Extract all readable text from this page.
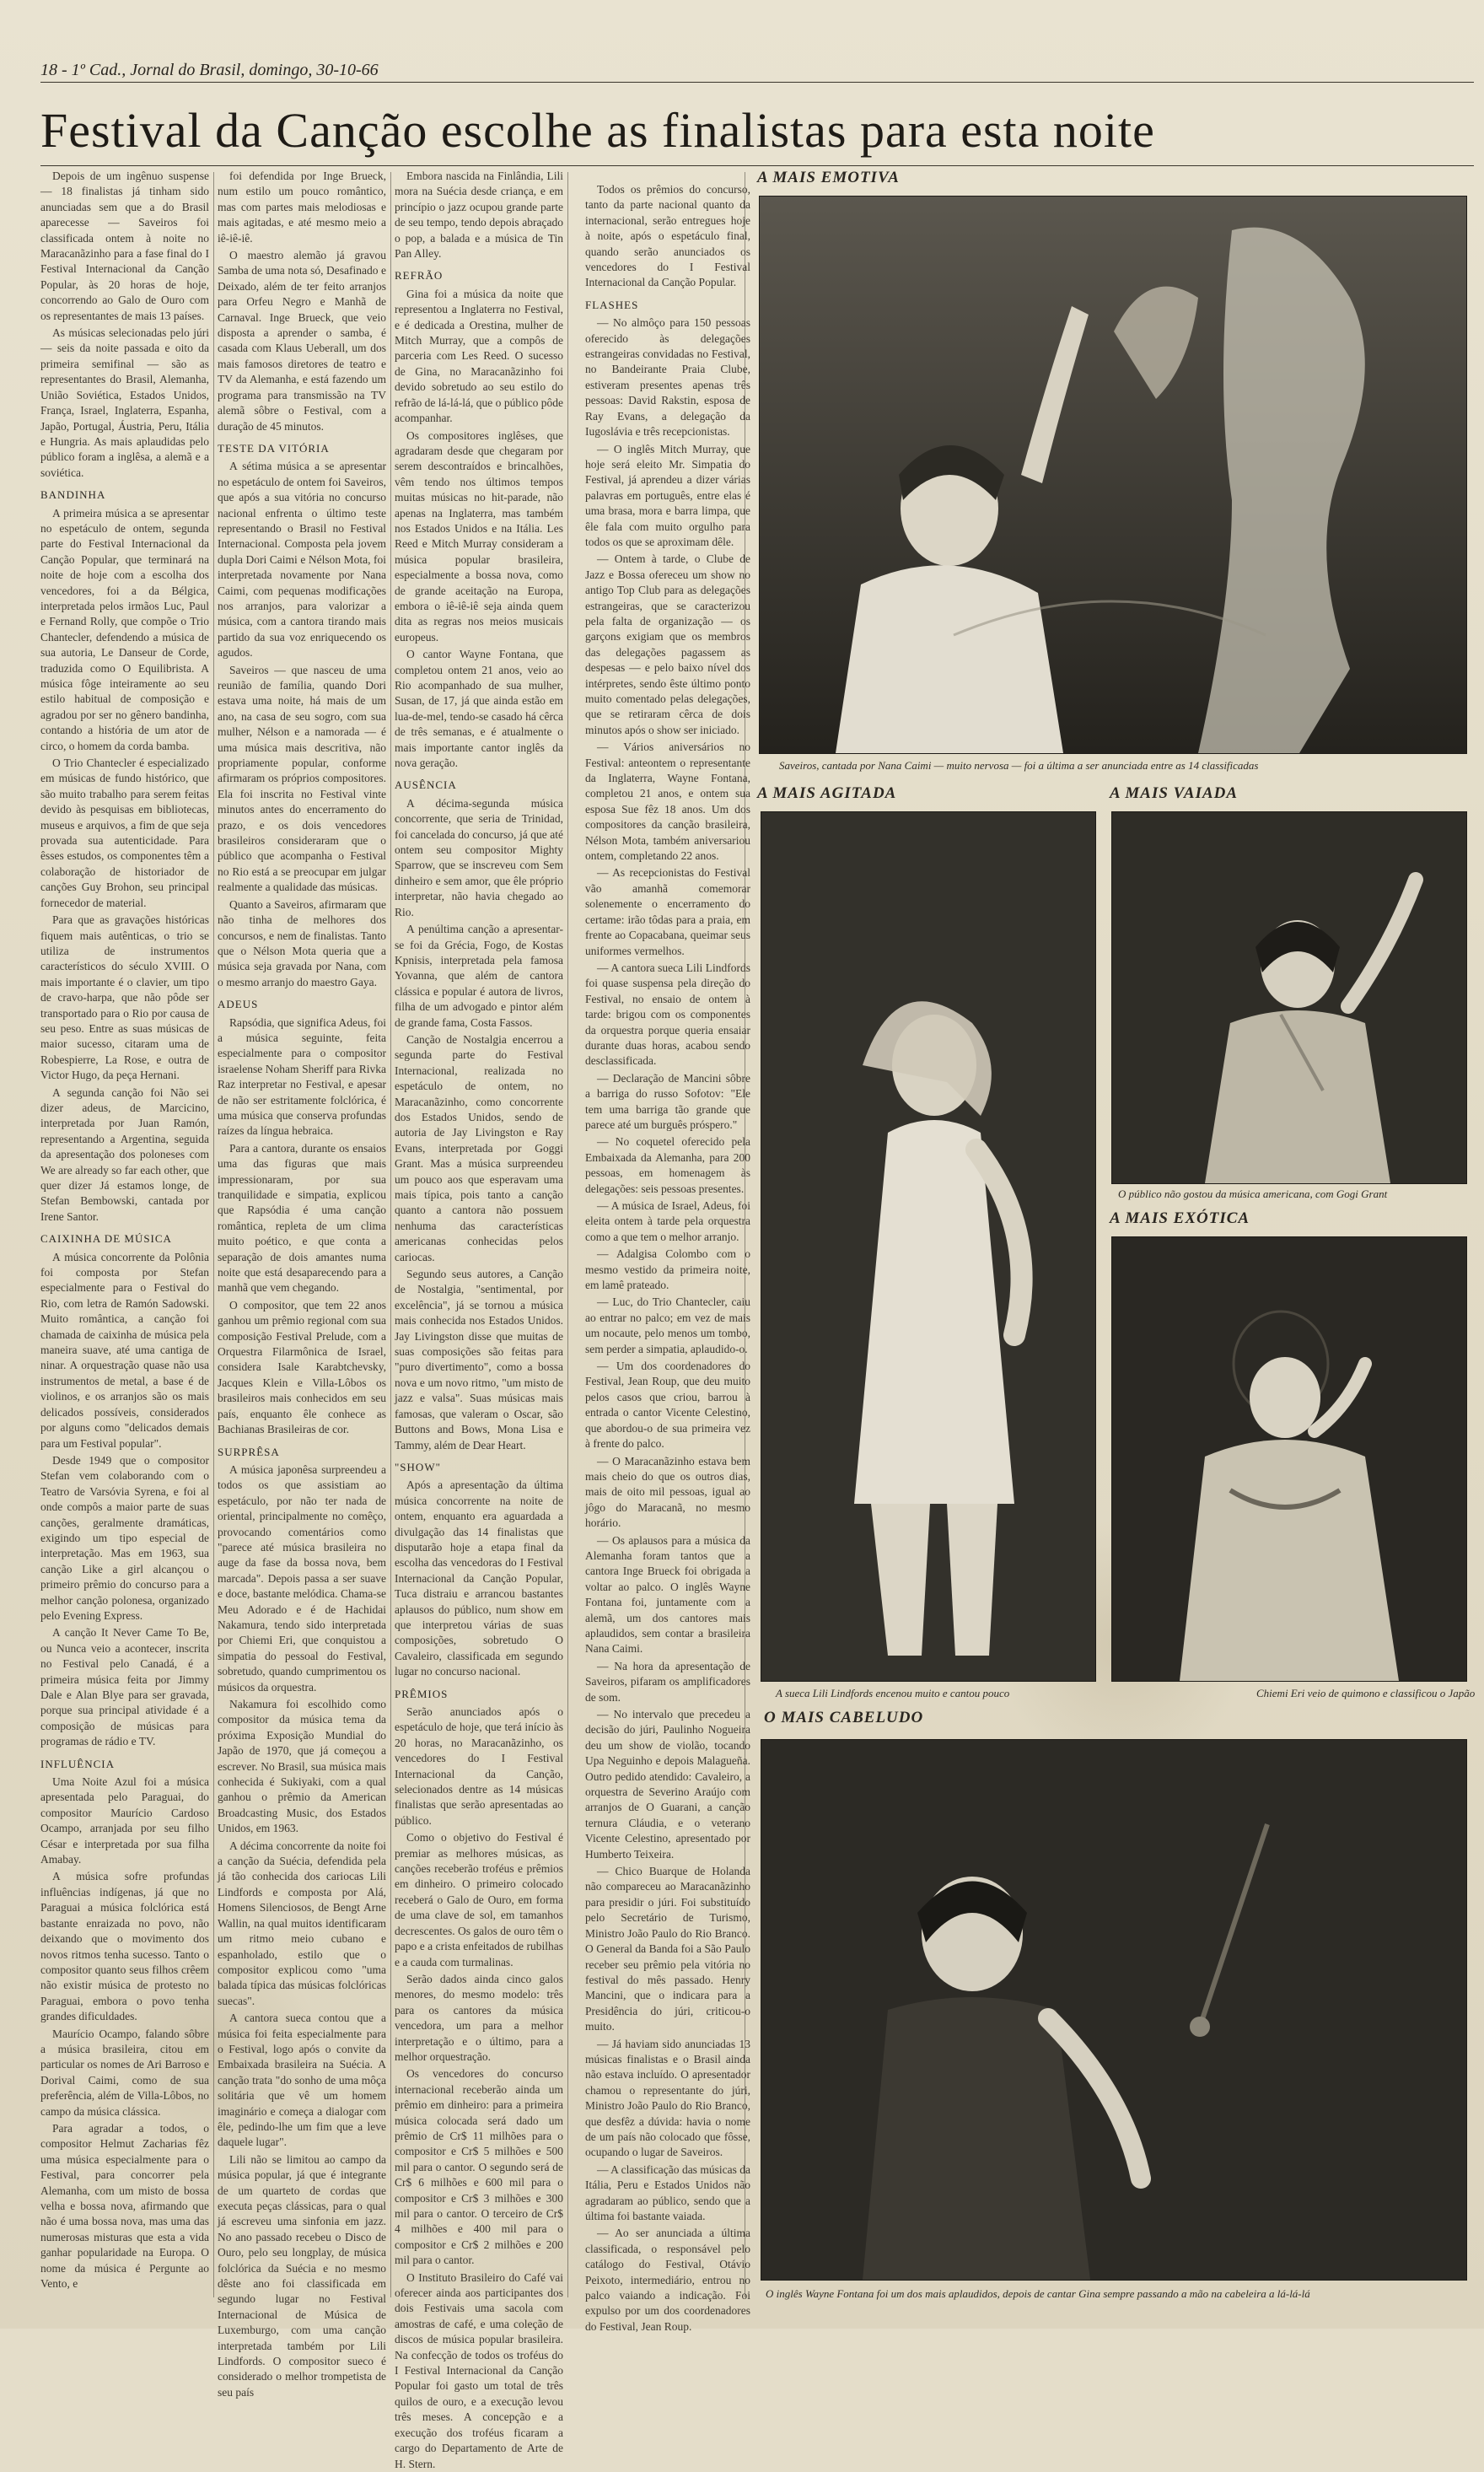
18 - 1º Cad., Jornal do Brasil, domingo, 30-10-66
Festival da Canção escolhe as finalistas para esta noite

Depois de um ingênuo suspense — 18 finalistas já tinham sido anunciadas sem que a do Brasil aparecesse — Saveiros foi classificada ontem à noite no Maracanãzinho para a fase final do I Festival Internacional da Canção Popular, às 20 horas de hoje, concorrendo ao Galo de Ouro com os representantes de mais 13 países.

As músicas selecionadas pelo júri — seis da noite passada e oito da primeira semifinal — são as representantes do Brasil, Alemanha, União Soviética, Estados Unidos, França, Israel, Inglaterra, Espanha, Japão, Portugal, Áustria, Peru, Itália e Hungria. As mais aplaudidas pelo público foram a inglêsa, a alemã e a soviética.

BANDINHA

A primeira música a se apresentar no espetáculo de ontem, segunda parte do Festival Internacional da Canção Popular, que terminará na noite de hoje com a escolha dos vencedores, foi a da Bélgica, interpretada pelos irmãos Luc, Paul e Fernand Rolly, que compõe o Trio Chantecler, defendendo a música de sua autoria, Le Danseur de Corde, traduzida como O Equilibrista. A música fôge inteiramente ao seu estilo habitual de composição e agradou por ser no gênero bandinha, contando a história de um ator de circo, o homem da corda bamba.

O Trio Chantecler é especializado em músicas de fundo histórico, que são muito trabalho para serem feitas devido às pesquisas em bibliotecas, museus e arquivos, a fim de que seja provada sua autenticidade. Para êsses estudos, os componentes têm a colaboração de historiador de canções Guy Brohon, seu principal fornecedor de material.

Para que as gravações históricas fiquem mais autênticas, o trio se utiliza de instrumentos característicos do século XVIII. O mais importante é o clavier, um tipo de cravo-harpa, que não pôde ser transportado para o Rio por causa de seu peso. Entre as suas músicas de maior sucesso, citaram uma de Robespierre, La Rose, e outra de Victor Hugo, da peça Hernani.

A segunda canção foi Não sei dizer adeus, de Marcicino, interpretada por Juan Ramón, representando a Argentina, seguida da apresentação dos poloneses com We are already so far each other, que quer dizer Já estamos longe, de Stefan Bembowski, cantada por Irene Santor.

CAIXINHA DE MÚSICA

A música concorrente da Polônia foi composta por Stefan especialmente para o Festival do Rio, com letra de Ramón Sadowski. Muito romântica, a canção foi chamada de caixinha de música pela maneira suave, até uma cantiga de ninar. A orquestração quase não usa instrumentos de metal, a base é de violinos, e os arranjos são os mais delicados possíveis, considerados por alguns como "delicados demais para um Festival popular".

Desde 1949 que o compositor Stefan vem colaborando com o Teatro de Varsóvia Syrena, e foi al onde compôs a maior parte de suas canções, geralmente dramáticas, exigindo um tipo especial de interpretação. Mas em 1963, sua canção Like a girl alcançou o primeiro prêmio do concurso para a melhor canção polonesa, organizado pelo Evening Express.

A canção It Never Came To Be, ou Nunca veio a acontecer, inscrita no Festival pelo Canadá, é a primeira música feita por Jimmy Dale e Alan Blye para ser gravada, porque sua principal atividade é a composição de músicas para programas de rádio e TV.

INFLUÊNCIA

Uma Noite Azul foi a música apresentada pelo Paraguai, do compositor Maurício Cardoso Ocampo, arranjada por seu filho César e interpretada por sua filha Amabay.

A música sofre profundas influências indígenas, já que no Paraguai a música folclórica está bastante enraizada no povo, não deixando que o movimento dos novos ritmos tenha sucesso. Tanto o compositor quanto seus filhos crêem não existir música de protesto no Paraguai, embora o povo tenha grandes dificuldades.

Maurício Ocampo, falando sôbre a música brasileira, citou em particular os nomes de Ari Barroso e Dorival Caimi, como de sua preferência, além de Villa-Lôbos, no campo da música clássica.

Para agradar a todos, o compositor Helmut Zacharias fêz uma música especialmente para o Festival, para concorrer pela Alemanha, com um misto de bossa velha e bossa nova, afirmando que não é uma bossa nova, mas uma das numerosas misturas que esta a vida ganhar popularidade na Europa. O nome da música é Pergunte ao Vento, e

foi defendida por Inge Brueck, num estilo um pouco romântico, mas com partes mais melodiosas e mais agitadas, e até mesmo meio a iê-iê-iê.

O maestro alemão já gravou Samba de uma nota só, Desafinado e Deixado, além de ter feito arranjos para Orfeu Negro e Manhã de Carnaval. Inge Brueck, que veio disposta a aprender o samba, é casada com Klaus Ueberall, um dos mais famosos diretores de teatro e TV da Alemanha, e está fazendo um programa para transmissão na TV alemã sôbre o Festival, com a duração de 45 minutos.

TESTE DA VITÓRIA

A sétima música a se apresentar no espetáculo de ontem foi Saveiros, que após a sua vitória no concurso nacional enfrenta o último teste representando o Brasil no Festival Internacional. Composta pela jovem dupla Dori Caimi e Nélson Mota, foi interpretada novamente por Nana Caimi, com pequenas modificações nos arranjos, para valorizar a música, com a cantora tirando mais partido da sua voz enriquecendo os agudos.

Saveiros — que nasceu de uma reunião de família, quando Dori estava uma noite, há mais de um ano, na casa de seu sogro, com sua mulher, Nélson e a namorada — é uma música mais descritiva, não propriamente popular, conforme afirmaram os próprios compositores. Ela foi inscrita no Festival vinte minutos antes do encerramento do prazo, e os dois vencedores brasileiros consideraram que o público que acompanha o Festival no Rio está a se preocupar em julgar realmente a qualidade das músicas.

Quanto a Saveiros, afirmaram que não tinha de melhores dos concursos, e nem de finalistas. Tanto que o Nélson Mota queria que a música seja gravada por Nana, com o mesmo arranjo do maestro Gaya.

ADEUS

Rapsódia, que significa Adeus, foi a música seguinte, feita especialmente para o compositor israelense Noham Sheriff para Rivka Raz interpretar no Festival, e apesar de não ser estritamente folclórica, é uma música que conserva profundas raízes da língua hebraica.

Para a cantora, durante os ensaios uma das figuras que mais impressionaram, por sua tranquilidade e simpatia, explicou que Rapsódia é uma canção romântica, repleta de um clima muito poético, e que conta a separação de dois amantes numa noite que está desaparecendo para a manhã que vem chegando.

O compositor, que tem 22 anos ganhou um prêmio regional com sua composição Festival Prelude, com a Orquestra Filarmônica de Israel, considera Isale Karabtchevsky, Jacques Klein e Villa-Lôbos os brasileiros mais conhecidos em seu país, enquanto êle conhece as Bachianas Brasileiras de cor.

SURPRÊSA

A música japonêsa surpreendeu a todos os que assistiam ao espetáculo, por não ter nada de oriental, principalmente no comêço, provocando comentários como "parece até música brasileira no auge da fase da bossa nova, bem marcada". Depois passa a ser suave e doce, bastante melódica. Chama-se Meu Adorado e é de Hachidai Nakamura, tendo sido interpretada por Chiemi Eri, que conquistou a simpatia do pessoal do Festival, sobretudo, quando cumprimentou os músicos da orquestra.

Nakamura foi escolhido como compositor da música tema da próxima Exposição Mundial do Japão de 1970, que já começou a escrever. No Brasil, sua música mais conhecida é Sukiyaki, com a qual ganhou o prêmio da American Broadcasting Music, dos Estados Unidos, em 1963.

A décima concorrente da noite foi a canção da Suécia, defendida pela já tão conhecida dos cariocas Lili Lindfords e composta por Alá, Homens Silenciosos, de Bengt Arne Wallin, na qual muitos identificaram um ritmo meio cubano e espanholado, estilo que o compositor explicou como "uma balada típica das músicas folclóricas suecas".

A cantora sueca contou que a música foi feita especialmente para o Festival, logo após o convite da Embaixada brasileira na Suécia. A canção trata "do sonho de uma môça solitária que vê um homem imaginário e começa a dialogar com êle, pedindo-lhe um fim que a leve daquele lugar".

Lili não se limitou ao campo da música popular, já que é integrante de um quarteto de cordas que executa peças clássicas, para o qual já escreveu uma sinfonia em jazz. No ano passado recebeu o Disco de Ouro, pelo seu longplay, de música folclórica da Suécia e no mesmo dêste ano foi classificada em segundo lugar no Festival Internacional de Música de Luxemburgo, com uma canção interpretada também por Lili Lindfords. O compositor sueco é considerado o melhor trompetista de seu país

Embora nascida na Finlândia, Lili mora na Suécia desde criança, e em princípio o jazz ocupou grande parte de seu tempo, tendo depois abraçado o pop, a balada e a música de Tin Pan Alley.

REFRÃO

Gina foi a música da noite que representou a Inglaterra no Festival, e é dedicada a Orestina, mulher de Mitch Murray, que a compôs de parceria com Les Reed. O sucesso de Gina, no Maracanãzinho foi devido sobretudo ao seu estilo do refrão de lá-lá-lá, que o público pôde acompanhar.

Os compositores inglêses, que agradaram desde que chegaram por serem descontraídos e brincalhões, vêm tendo nos últimos tempos muitas músicas no hit-parade, não apenas na Inglaterra, mas também nos Estados Unidos e na Itália. Les Reed e Mitch Murray consideram a música popular brasileira, especialmente a bossa nova, como de grande aceitação na Europa, embora o iê-iê-iê seja ainda quem dita as regras nos meios musicais europeus.

O cantor Wayne Fontana, que completou ontem 21 anos, veio ao Rio acompanhado de sua mulher, Susan, de 17, já que ainda estão em lua-de-mel, tendo-se casado há cêrca de três semanas, e é atualmente o mais importante cantor inglês da nova geração.

AUSÊNCIA

A décima-segunda música concorrente, que seria de Trinidad, foi cancelada do concurso, já que até ontem seu compositor Mighty Sparrow, que se inscreveu com Sem dinheiro e sem amor, que êle próprio interpretar, não havia chegado ao Rio.

A penúltima canção a apresentar-se foi da Grécia, Fogo, de Kostas Kpnisis, interpretada pela famosa Yovanna, que além de cantora clássica e popular é autora de livros, filha de um advogado e pintor além de grande fama, Costa Fassos.

Canção de Nostalgia encerrou a segunda parte do Festival Internacional, realizada no espetáculo de ontem, no Maracanãzinho, como concorrente dos Estados Unidos, sendo de autoria de Jay Livingston e Ray Evans, interpretada por Goggi Grant. Mas a música surpreendeu um pouco aos que esperavam uma mais típica, pois tanto a canção quanto a cantora não possuem nenhuma das características americanas conhecidas pelos cariocas.

Segundo seus autores, a Canção de Nostalgia, "sentimental, por excelência", já se tornou a música mais conhecida nos Estados Unidos. Jay Livingston disse que muitas de suas composições são feitas para "puro divertimento", como a bossa nova e um novo ritmo, "um misto de jazz e valsa". Suas músicas mais famosas, que valeram o Oscar, são Buttons and Bows, Mona Lisa e Tammy, além de Dear Heart.

"SHOW"

Após a apresentação da última música concorrente na noite de ontem, enquanto era aguardada a divulgação das 14 finalistas que disputarão hoje a etapa final da escolha das vencedoras do I Festival Internacional da Canção Popular, Tuca distraiu e arrancou bastantes aplausos do público, num show em que interpretou várias de suas composições, sobretudo O Cavaleiro, classificada em segundo lugar no concurso nacional.

PRÊMIOS

Serão anunciados após o espetáculo de hoje, que terá início às 20 horas, no Maracanãzinho, os vencedores do I Festival Internacional da Canção, selecionados dentre as 14 músicas finalistas que serão apresentadas ao público.

Como o objetivo do Festival é premiar as melhores músicas, as canções receberão troféus e prêmios em dinheiro. O primeiro colocado receberá o Galo de Ouro, em forma de uma clave de sol, em tamanhos decrescentes. Os galos de ouro têm o papo e a crista enfeitados de rubilhas e a cauda com turmalinas.

Serão dados ainda cinco galos menores, do mesmo modelo: três para os cantores da música vencedora, um para a melhor interpretação e o último, para a melhor orquestração.

Os vencedores do concurso internacional receberão ainda um prêmio em dinheiro: para a primeira música colocada será dado um prêmio de Cr$ 11 milhões para o compositor e Cr$ 5 milhões e 500 mil para o cantor. O segundo será de Cr$ 6 milhões e 600 mil para o compositor e Cr$ 3 milhões e 300 mil para o cantor. O terceiro de Cr$ 4 milhões e 400 mil para o compositor e Cr$ 2 milhões e 200 mil para o cantor.

O Instituto Brasileiro do Café vai oferecer ainda aos participantes dos dois Festivais uma sacola com amostras de café, e uma coleção de discos de música popular brasileira. Na confecção de todos os troféus do I Festival Internacional da Canção Popular foi gasto um total de três quilos de ouro, e a execução levou três meses. A concepção e a execução dos troféus ficaram a cargo do Departamento de Arte de H. Stern.

Todos os prêmios do concurso, tanto da parte nacional quanto da internacional, serão entregues hoje à noite, após o espetáculo final, quando serão anunciados os vencedores do I Festival Internacional da Canção Popular.

FLASHES

— No almôço para 150 pessoas oferecido às delegações estrangeiras convidadas no Festival, no Bandeirante Praia Clube, estiveram presentes apenas três pessoas: David Rakstin, esposa de Ray Evans, a delegação da Iugoslávia e três recepcionistas.

— O inglês Mitch Murray, que hoje será eleito Mr. Simpatia do Festival, já aprendeu a dizer várias palavras em português, entre elas é uma brasa, mora e barra limpa, que êle fala com muito orgulho para todos os que se aproximam dêle.

— Ontem à tarde, o Clube de Jazz e Bossa ofereceu um show no antigo Top Club para as delegações estrangeiras, que se caracterizou pela falta de organização — os garçons exigiam que os membros das delegações pagassem as despesas — e pelo baixo nível dos intérpretes, sendo êste último ponto muito comentado pelas delegações, que se retiraram cêrca de dois minutos após o show ser iniciado.

— Vários aniversários no Festival: anteontem o representante da Inglaterra, Wayne Fontana, completou 21 anos, e ontem sua esposa Sue fêz 18 anos. Um dos compositores da canção brasileira, Nélson Mota, também aniversariou ontem, completando 22 anos.

— As recepcionistas do Festival vão amanhã comemorar solenemente o encerramento do certame: irão tôdas para a praia, em frente ao Copacabana, queimar seus uniformes vermelhos.

— A cantora sueca Lili Lindfords foi quase suspensa pela direção do Festival, no ensaio de ontem à tarde: brigou com os componentes da orquestra porque queria ensaiar durante duas horas, acabou sendo desclassificada.

— Declaração de Mancini sôbre a barriga do russo Sofotov: "Ele tem uma barriga tão grande que parece até um burguês próspero."

— No coquetel oferecido pela Embaixada da Alemanha, para 200 pessoas, em homenagem às delegações: seis pessoas presentes.

— A música de Israel, Adeus, foi eleita ontem à tarde pela orquestra como a que tem o melhor arranjo.

— Adalgisa Colombo com o mesmo vestido da primeira noite, em lamê prateado.

— Luc, do Trio Chantecler, caiu ao entrar no palco; em vez de mais um nocaute, pelo menos um tombo, sem perder a simpatia, aplaudido-o.

— Um dos coordenadores do Festival, Jean Roup, que deu muito pelos casos que criou, barrou à entrada o cantor Vicente Celestino, que abordou-o de sua primeira vez à frente do palco.

— O Maracanãzinho estava bem mais cheio do que os outros dias, mais de oito mil pessoas, igual ao jôgo do Maracanã, no mesmo horário.

— Os aplausos para a música da Alemanha foram tantos que a cantora Inge Brueck foi obrigada a voltar ao palco. O inglês Wayne Fontana foi, juntamente com a alemã, um dos cantores mais aplaudidos, sem contar a brasileira Nana Caimi.

— Na hora da apresentação de Saveiros, pifaram os amplificadores de som.

— No intervalo que precedeu a decisão do júri, Paulinho Nogueira deu um show de violão, tocando Upa Neguinho e depois Malagueña. Outro pedido atendido: Cavaleiro, a orquestra de Severino Araújo com arranjos de O Guarani, a canção ternura Cláudia, e o veterano Vicente Celestino, apresentado por Humberto Teixeira.

— Chico Buarque de Holanda não compareceu ao Maracanãzinho para presidir o júri. Foi substituído pelo Secretário de Turismo, Ministro João Paulo do Rio Branco. O General da Banda foi a São Paulo receber seu prêmio pela vitória no festival do mês passado. Henry Mancini, que o indicara para a Presidência do júri, criticou-o muito.

— Já haviam sido anunciadas 13 músicas finalistas e o Brasil ainda não estava incluído. O apresentador chamou o representante do júri, Ministro João Paulo do Rio Branco, que desfêz a dúvida: havia o nome de um país não colocado que fôsse, ocupando o lugar de Saveiros.

— A classificação das músicas da Itália, Peru e Estados Unidos não agradaram ao público, sendo que a última foi bastante vaiada.

— Ao ser anunciada a última classificada, o responsável pelo catálogo do Festival, Otávio Peixoto, intermediário, entrou no palco vaiando a indicação. Foi expulso por um dos coordenadores do Festival, Jean Roup.

A MAIS EMOTIVA
Saveiros, cantada por Nana Caimi — muito nervosa — foi a última a ser anunciada entre as 14 classificadas
A MAIS AGITADA
A sueca Lili Lindfords encenou muito e cantou pouco
A MAIS VAIADA
O público não gostou da música americana, com Gogi Grant
A MAIS EXÓTICA
Chiemi Eri veio de quimono e classificou o Japão
O MAIS CABELUDO
O inglês Wayne Fontana foi um dos mais aplaudidos, depois de cantar Gina sempre passando a mão na cabeleira a lá-lá-lá
